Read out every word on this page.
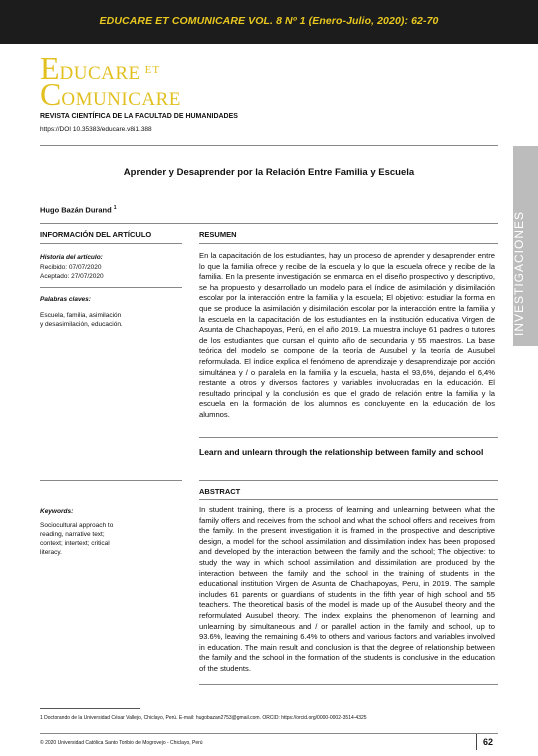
EDUCARE ET COMUNICARE VOL. 8 Nº 1 (Enero-Julio, 2020): 62-70
EDUCARE $^{ET}$
COMUNICARE
REVISTA CIENTÍFICA DE LA FACULTAD DE HUMANIDADES
https://DOI 10.35383/educare.v8i1.388
INVESTIGACIONES
Aprender y Desaprender por la Relación Entre Familia y Escuela
Hugo Bazán Durand $^1$
INFORMACIÓN DEL ARTÍCULO	RESUMEN
Historia del artículo:
Recibido: 07/07/2020
Aceptado: 27/07/2020
Palabras claves:
Escuela, familia, asimilación
y desasimilación, educación.
En la capacitación de los estudiantes, hay un proceso de aprender y desaprender entre lo que la familia ofrece y recibe de la escuela y lo que la escuela ofrece y recibe de la familia. En la presente investigación se enmarca en el diseño prospectivo y descriptivo, se ha propuesto y desarrollado un modelo para el índice de asimilación y disimilación escolar por la interacción entre la familia y la escuela; El objetivo: estudiar la forma en que se produce la asimilación y disimilación escolar por la interacción entre la familia y la escuela en la capacitación de los estudiantes en la institución educativa Virgen de Asunta de Chachapoyas, Perú, en el año 2019. La muestra incluye 61 padres o tutores de los estudiantes que cursan el quinto año de secundaria y 55 maestros. La base teórica del modelo se compone de la teoría de Ausubel y la teoría de Ausubel reformulada. El índice explica el fenómeno de aprendizaje y desaprendizaje por acción simultánea y / o paralela en la familia y la escuela, hasta el 93,6%, dejando el 6,4% restante a otros y diversos factores y variables involucradas en la educación. El resultado principal y la conclusión es que el grado de relación entre la familia y la escuela en la formación de los alumnos es concluyente en la educación de los alumnos.
Learn and unlearn through the relationship between family and school
ABSTRACT
Keywords:
Sociocultural approach to
reading, narrative text;
context; intertext; critical
literacy.
In student training, there is a process of learning and unlearning between what the family offers and receives from the school and what the school offers and receives from the family. In the present investigation it is framed in the prospective and descriptive design, a model for the school assimilation and dissimilation index has been proposed and developed by the interaction between the family and the school; The objective: to study the way in which school assimilation and dissimilation are produced by the interaction between the family and the school in the training of students in the educational institution Virgen de Asunta de Chachapoyas, Peru, in 2019. The sample includes 61 parents or guardians of students in the fifth year of high school and 55 teachers. The theoretical basis of the model is made up of the Ausubel theory and the reformulated Ausubel theory. The index explains the phenomenon of learning and unlearning by simultaneous and / or parallel action in the family and school, up to 93.6%, leaving the remaining 6.4% to others and various factors and variables involved in education. The main result and conclusion is that the degree of relationship between the family and the school in the formation of the students is conclusive in the education of the students.
1 Doctorando de la Universidad César Vallejo, Chiclayo, Perú. E-mail: hugobazan2753@gmail.com. ORCID: https://orcid.org/0000-0002-3514-4325
© 2020 Universidad Católica Santo Toribio de Mogrovejo - Chiclayo, Perú	62
